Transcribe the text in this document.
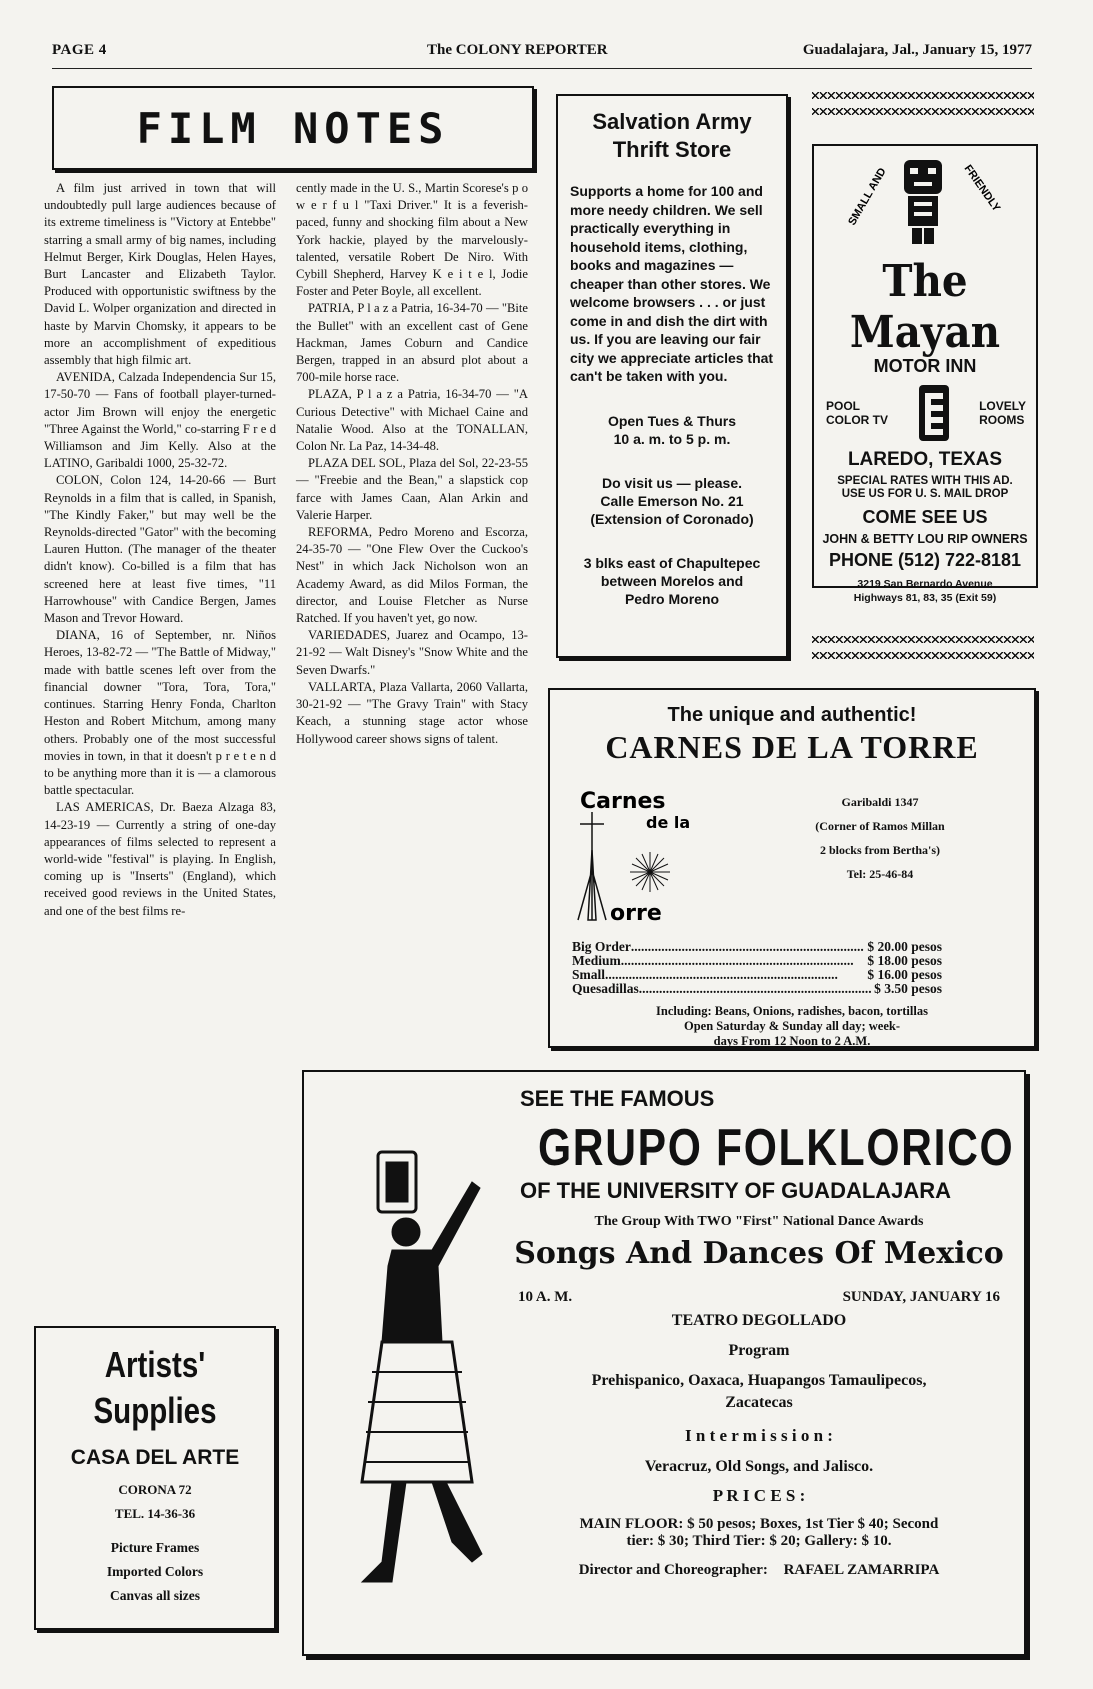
PAGE 4	The COLONY REPORTER	Guadalajara, Jal., January 15, 1977
FILM NOTES

A film just arrived in town that will undoubtedly pull large audiences because of its extreme timeliness is "Victory at Entebbe" starring a small army of big names, including Helmut Berger, Kirk Douglas, Helen Hayes, Burt Lancaster and Elizabeth Taylor. Produced with opportunistic swiftness by the David L. Wolper organization and directed in haste by Marvin Chomsky, it appears to be more an accomplishment of expeditious assembly that high filmic art.

AVENIDA, Calzada Independencia Sur 15, 17-50-70 — Fans of football player-turned-actor Jim Brown will enjoy the energetic "Three Against the World," co-starring F r e d Williamson and Jim Kelly. Also at the LATINO, Garibaldi 1000, 25-32-72.

COLON, Colon 124, 14-20-66 — Burt Reynolds in a film that is called, in Spanish, "The Kindly Faker," but may well be the Reynolds-directed "Gator" with the becoming Lauren Hutton. (The manager of the theater didn't know). Co-billed is a film that has screened here at least five times, "11 Harrowhouse" with Candice Bergen, James Mason and Trevor Howard.

DIANA, 16 of September, nr. Niños Heroes, 13-82-72 — "The Battle of Midway," made with battle scenes left over from the financial downer "Tora, Tora, Tora," continues. Starring Henry Fonda, Charlton Heston and Robert Mitchum, among many others. Probably one of the most successful movies in town, in that it doesn't p r e t e n d to be anything more than it is — a clamorous battle spectacular.

LAS AMERICAS, Dr. Baeza Alzaga 83, 14-23-19 — Currently a string of one-day appearances of films selected to represent a world-wide "festival" is playing. In English, coming up is "Inserts" (England), which received good reviews in the United States, and one of the best films re-

cently made in the U. S., Martin Scorese's p o w e r f u l "Taxi Driver." It is a feverish-paced, funny and shocking film about a New York hackie, played by the marvelously-talented, versatile Robert De Niro. With Cybill Shepherd, Harvey K e i t e l, Jodie Foster and Peter Boyle, all excellent.

PATRIA, P l a z a Patria, 16-34-70 — "Bite the Bullet" with an excellent cast of Gene Hackman, James Coburn and Candice Bergen, trapped in an absurd plot about a 700-mile horse race.

PLAZA, P l a z a Patria, 16-34-70 — "A Curious Detective" with Michael Caine and Natalie Wood. Also at the TONALLAN, Colon Nr. La Paz, 14-34-48.

PLAZA DEL SOL, Plaza del Sol, 22-23-55 — "Freebie and the Bean," a slapstick cop farce with James Caan, Alan Arkin and Valerie Harper.

REFORMA, Pedro Moreno and Escorza, 24-35-70 — "One Flew Over the Cuckoo's Nest" in which Jack Nicholson won an Academy Award, as did Milos Forman, the director, and Louise Fletcher as Nurse Ratched. If you haven't yet, go now.

VARIEDADES, Juarez and Ocampo, 13-21-92 — Walt Disney's "Snow White and the Seven Dwarfs."

VALLARTA, Plaza Vallarta, 2060 Vallarta, 30-21-92 — "The Gravy Train" with Stacy Keach, a stunning stage actor whose Hollywood career shows signs of talent.

Artists'
Supplies
CASA DEL ARTE
CORONA 72
TEL. 14-36-36
Picture Frames
Imported Colors
Canvas all sizes
Salvation Army
Thrift Store
Supports a home for 100 and more needy children. We sell practically everything in household items, clothing, books and magazines — cheaper than other stores. We welcome browsers . . . or just come in and dish the dirt with us. If you are leaving our fair city we appreciate articles that can't be taken with you.
Open Tues & Thurs
10 a. m. to 5 p. m.
Do visit us — please.
Calle Emerson No. 21
(Extension of Coronado)
3 blks east of Chapultepec
between Morelos and
Pedro Moreno
SMALL AND	FRIENDLY
The Mayan
MOTOR INN
POOL
COLOR TV
LOVELY
ROOMS
LAREDO, TEXAS
SPECIAL RATES WITH THIS AD.
USE US FOR U. S. MAIL DROP
COME SEE US
JOHN & BETTY LOU RIP OWNERS
PHONE (512) 722-8181
3219 San Bernardo Avenue
Highways 81, 83, 35 (Exit 59)
The unique and authentic!
CARNES DE LA TORRE
Carnes
de la
orre
Garibaldi 1347
(Corner of Ramos Millan
2 blocks from Bertha's)
Tel: 25-46-84
Big Order ..................................................................... $ 20.00 pesos
Medium .....................................................................	$ 18.00 pesos
Small .....................................................................	$ 16.00 pesos
Quesadillas ..................................................................... $ 3.50 pesos
Including: Beans, Onions, radishes, bacon, tortillas
Open Saturday & Sunday all day; week-
days From 12 Noon to 2 A.M.
SEE THE FAMOUS
GRUPO FOLKLORICO
OF THE UNIVERSITY OF GUADALAJARA
The Group With TWO "First" National Dance Awards
Songs And Dances Of Mexico
10 A. M.	SUNDAY, JANUARY 16
TEATRO DEGOLLADO
Program
Prehispanico, Oaxaca, Huapangos Tamaulipecos,
Zacatecas
I n t e r m i s s i o n :
Veracruz, Old Songs, and Jalisco.
P R I C E S :
MAIN FLOOR: $ 50 pesos; Boxes, 1st Tier $ 40; Second
tier: $ 30; Third Tier: $ 20; Gallery: $ 10.
Director and Choreographer: RAFAEL ZAMARRIPA
